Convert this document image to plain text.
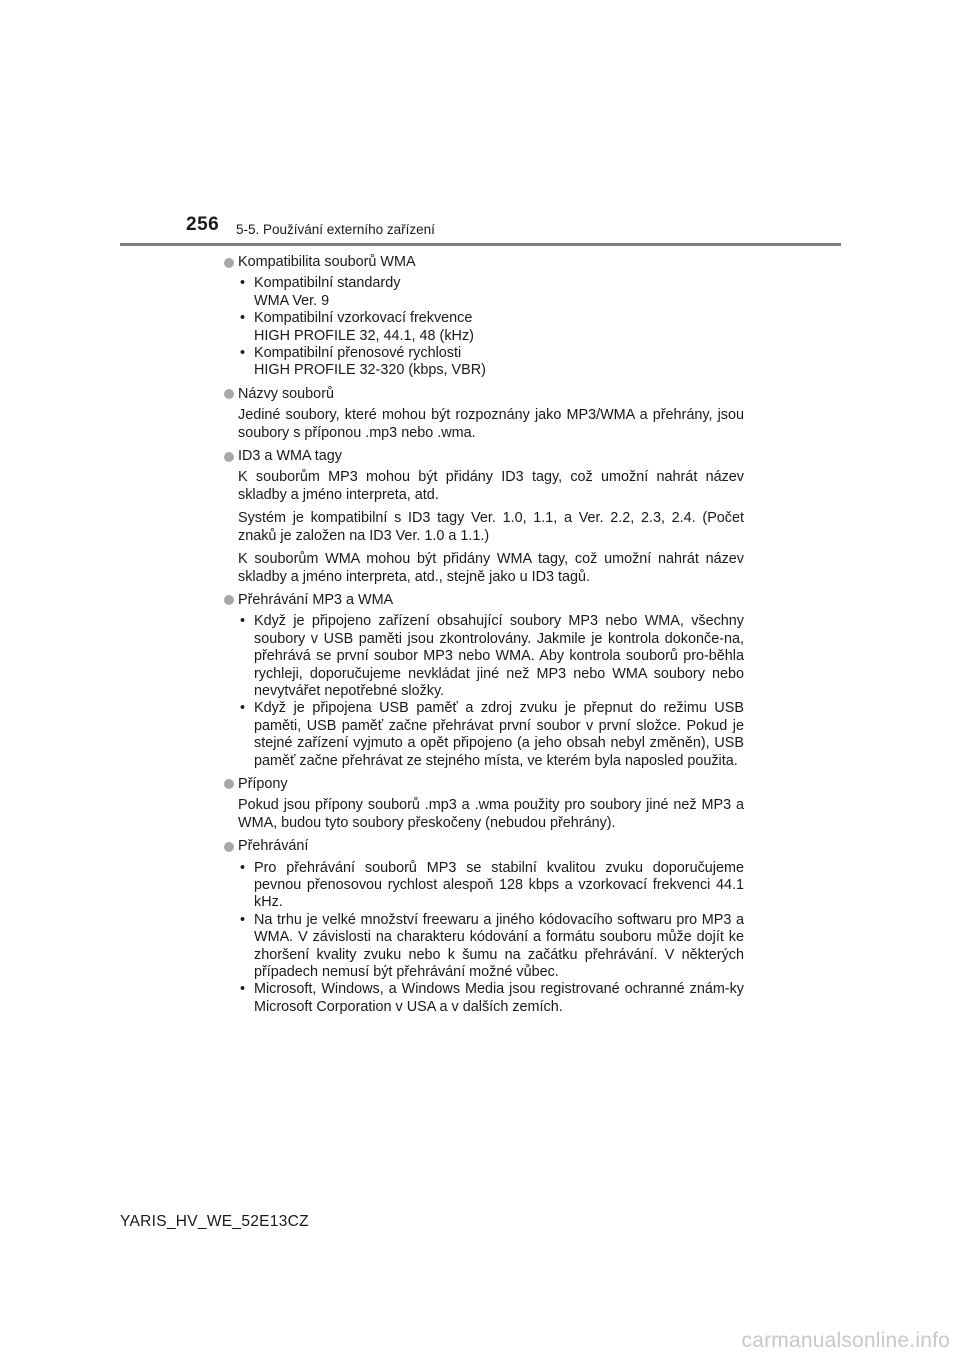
256 5-5. Používání externího zařízení
Kompatibilita souborů WMA
• Kompatibilní standardy
WMA Ver. 9
• Kompatibilní vzorkovací frekvence
HIGH PROFILE 32, 44.1, 48 (kHz)
• Kompatibilní přenosové rychlosti
HIGH PROFILE 32-320 (kbps, VBR)
Názvy souborů

Jediné soubory, které mohou být rozpoznány jako MP3/WMA a přehrány, jsou soubory s příponou .mp3 nebo .wma.

ID3 a WMA tagy

K souborům MP3 mohou být přidány ID3 tagy, což umožní nahrát název skladby a jméno interpreta, atd.

Systém je kompatibilní s ID3 tagy Ver. 1.0, 1.1, a Ver. 2.2, 2.3, 2.4. (Počet znaků je založen na ID3 Ver. 1.0 a 1.1.)

K souborům WMA mohou být přidány WMA tagy, což umožní nahrát název skladby a jméno interpreta, atd., stejně jako u ID3 tagů.

Přehrávání MP3 a WMA
• Když je připojeno zařízení obsahující soubory MP3 nebo WMA, všechny soubory v USB paměti jsou zkontrolovány. Jakmile je kontrola dokonče-na, přehrává se první soubor MP3 nebo WMA. Aby kontrola souborů pro-běhla rychleji, doporučujeme nevkládat jiné než MP3 nebo WMA soubory nebo nevytvářet nepotřebné složky.
• Když je připojena USB paměť a zdroj zvuku je přepnut do režimu USB paměti, USB paměť začne přehrávat první soubor v první složce. Pokud je stejné zařízení vyjmuto a opět připojeno (a jeho obsah nebyl změněn), USB paměť začne přehrávat ze stejného místa, ve kterém byla naposled použita.
Přípony

Pokud jsou přípony souborů .mp3 a .wma použity pro soubory jiné než MP3 a WMA, budou tyto soubory přeskočeny (nebudou přehrány).

Přehrávání
• Pro přehrávání souborů MP3 se stabilní kvalitou zvuku doporučujeme pevnou přenosovou rychlost alespoň 128 kbps a vzorkovací frekvenci 44.1 kHz.
• Na trhu je velké množství freewaru a jiného kódovacího softwaru pro MP3 a WMA. V závislosti na charakteru kódování a formátu souboru může dojít ke zhoršení kvality zvuku nebo k šumu na začátku přehrávání. V některých případech nemusí být přehrávání možné vůbec.
• Microsoft, Windows, a Windows Media jsou registrované ochranné znám-ky Microsoft Corporation v USA a v dalších zemích.
YARIS_HV_WE_52E13CZ
carmanualsonline.info
